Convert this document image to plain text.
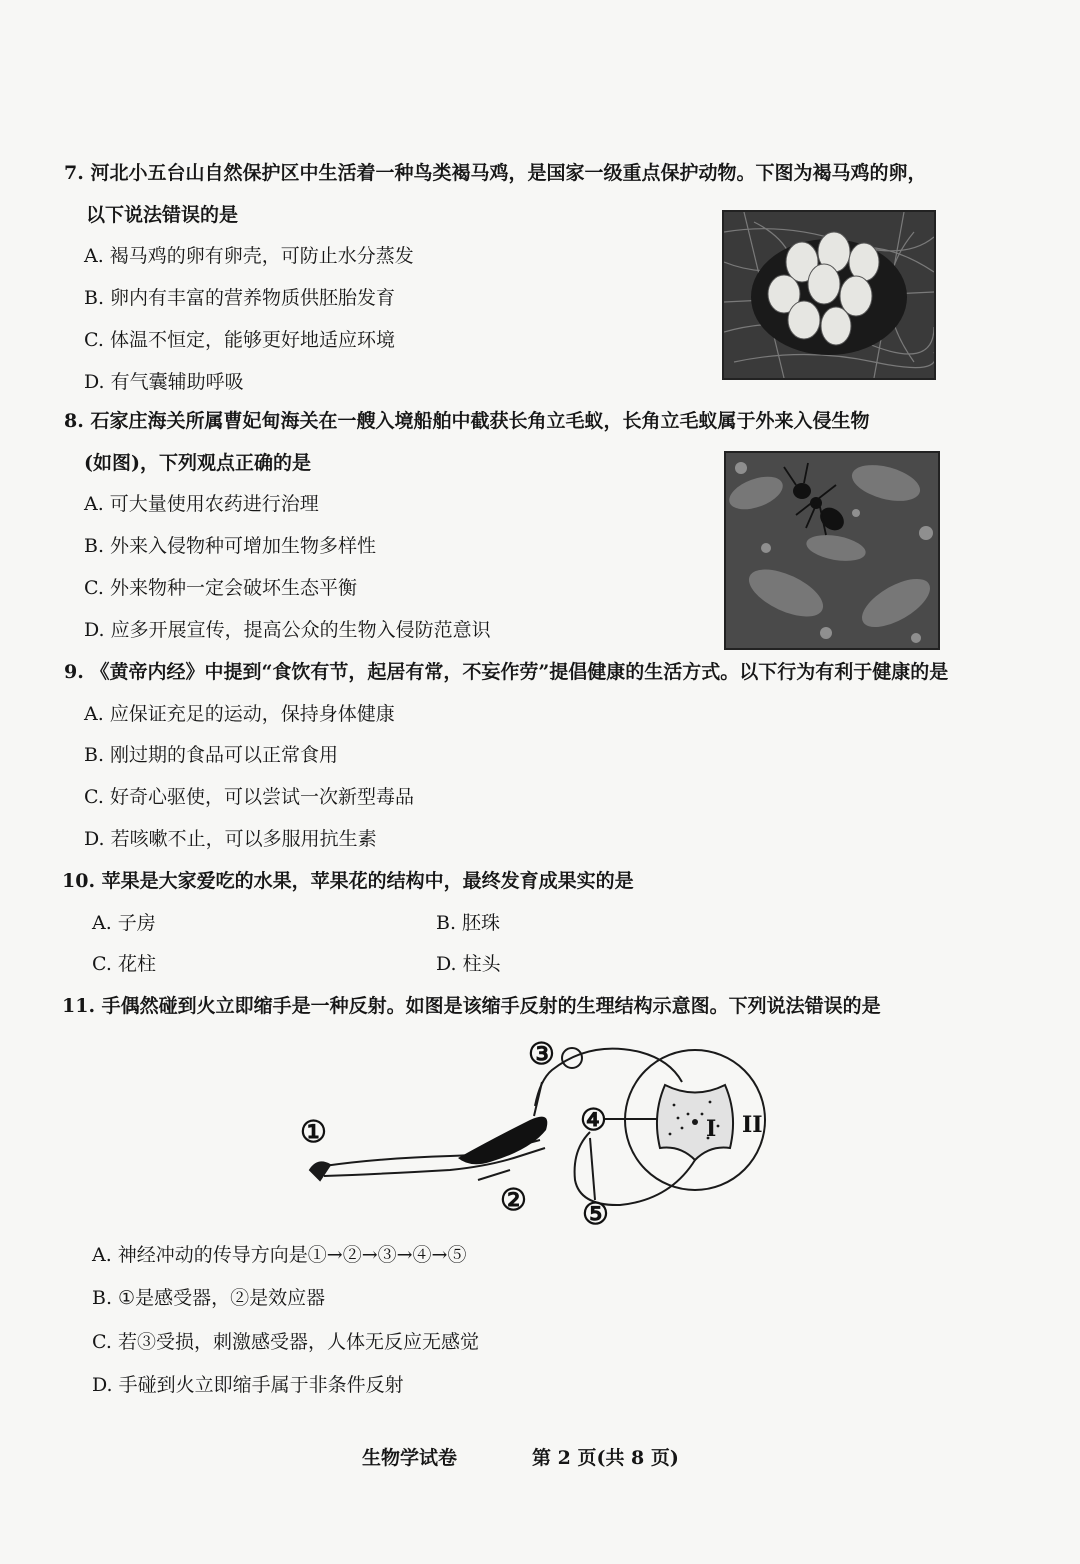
7. 河北小五台山自然保护区中生活着一种鸟类褐马鸡，是国家一级重点保护动物。下图为褐马鸡的卵，
以下说法错误的是
A. 褐马鸡的卵有卵壳，可防止水分蒸发
B. 卵内有丰富的营养物质供胚胎发育
C. 体温不恒定，能够更好地适应环境
D. 有气囊辅助呼吸
8. 石家庄海关所属曹妃甸海关在一艘入境船舶中截获长角立毛蚁，长角立毛蚁属于外来入侵生物
(如图)，下列观点正确的是
A. 可大量使用农药进行治理
B. 外来入侵物种可增加生物多样性
C. 外来物种一定会破坏生态平衡
D. 应多开展宣传，提高公众的生物入侵防范意识
9. 《黄帝内经》中提到“食饮有节，起居有常，不妄作劳”提倡健康的生活方式。以下行为有利于健康的是
A. 应保证充足的运动，保持身体健康
B. 刚过期的食品可以正常食用
C. 好奇心驱使，可以尝试一次新型毒品
D. 若咳嗽不止，可以多服用抗生素
10. 苹果是大家爱吃的水果，苹果花的结构中，最终发育成果实的是
A. 子房	B. 胚珠
C. 花柱	D. 柱头
11. 手偶然碰到火立即缩手是一种反射。如图是该缩手反射的生理结构示意图。下列说法错误的是
①
②
③
④
⑤
I II
A. 神经冲动的传导方向是①→②→③→④→⑤
B. ①是感受器，②是效应器
C. 若③受损，刺激感受器，人体无反应无感觉
D. 手碰到火立即缩手属于非条件反射
生物学试卷	第 2 页(共 8 页)
